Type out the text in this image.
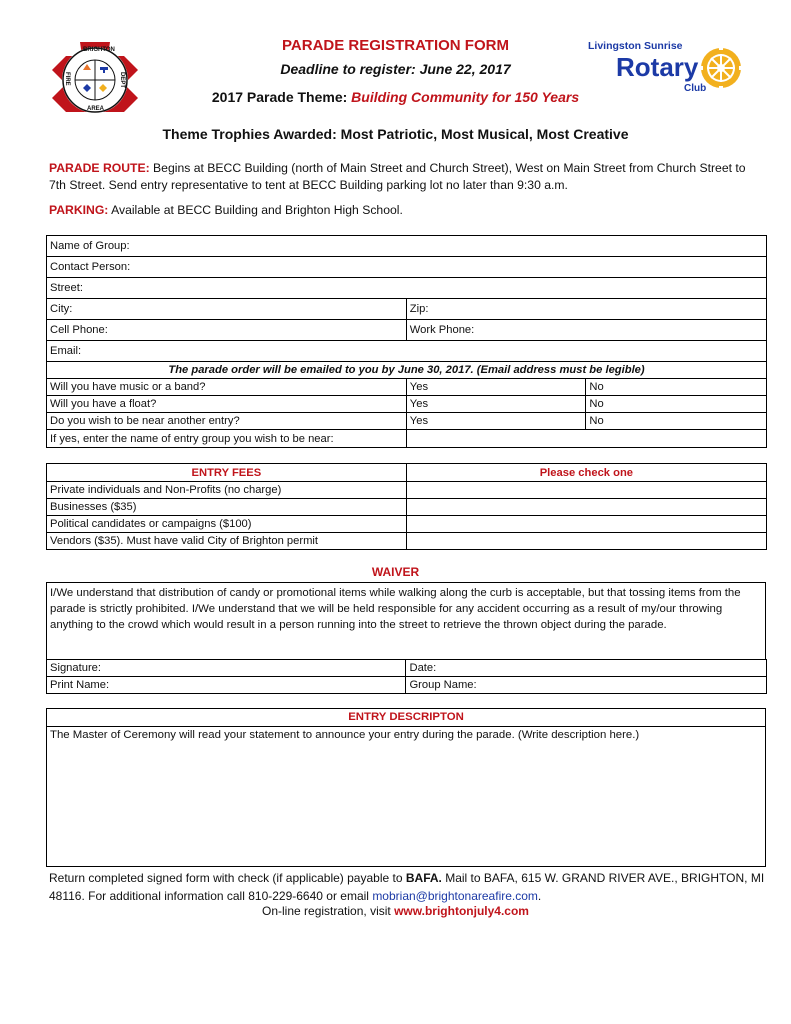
BRIGHTON
FIRE	DEPT
AREA
Livingston Sunrise
Rotary
Club
PARADE REGISTRATION FORM
Deadline to register: June 22, 2017
2017 Parade Theme: Building Community for 150 Years
Theme Trophies Awarded: Most Patriotic, Most Musical, Most Creative
PARADE ROUTE: Begins at BECC Building (north of Main Street and Church Street), West on Main Street from Church Street to 7th Street. Send entry representative to tent at BECC Building parking lot no later than 9:30 a.m.
PARKING: Available at BECC Building and Brighton High School.
Name of Group:		
Contact Person:		
Street:		
City:	Zip:	
Cell Phone:	Work Phone:	
Email:		
The parade order will be emailed to you by June 30, 2017. (Email address must be legible)		
Will you have music or a band?	Yes	No
Will you have a float?	Yes	No
Do you wish to be near another entry?	Yes	No
If yes, enter the name of entry group you wish to be near:		
ENTRY FEES	Please check one
Private individuals and Non-Profits (no charge)	
Businesses ($35)	
Political candidates or campaigns ($100)	
Vendors ($35). Must have valid City of Brighton permit	
WAIVER
I/We understand that distribution of candy or promotional items while walking along the curb is acceptable, but that tossing items from the parade is strictly prohibited. I/We understand that we will be held responsible for any accident occurring as a result of my/our throwing anything to the crowd which would result in a person running into the street to retrieve the thrown object during the parade.
Signature:	Date:
Print Name:	Group Name:
ENTRY DESCRIPTON
The Master of Ceremony will read your statement to announce your entry during the parade. (Write description here.)
Return completed signed form with check (if applicable) payable to BAFA. Mail to BAFA, 615 W. GRAND RIVER AVE., BRIGHTON, MI 48116. For additional information call 810-229-6640 or email mobrian@brightonareafire.com.
On-line registration, visit www.brightonjuly4.com
